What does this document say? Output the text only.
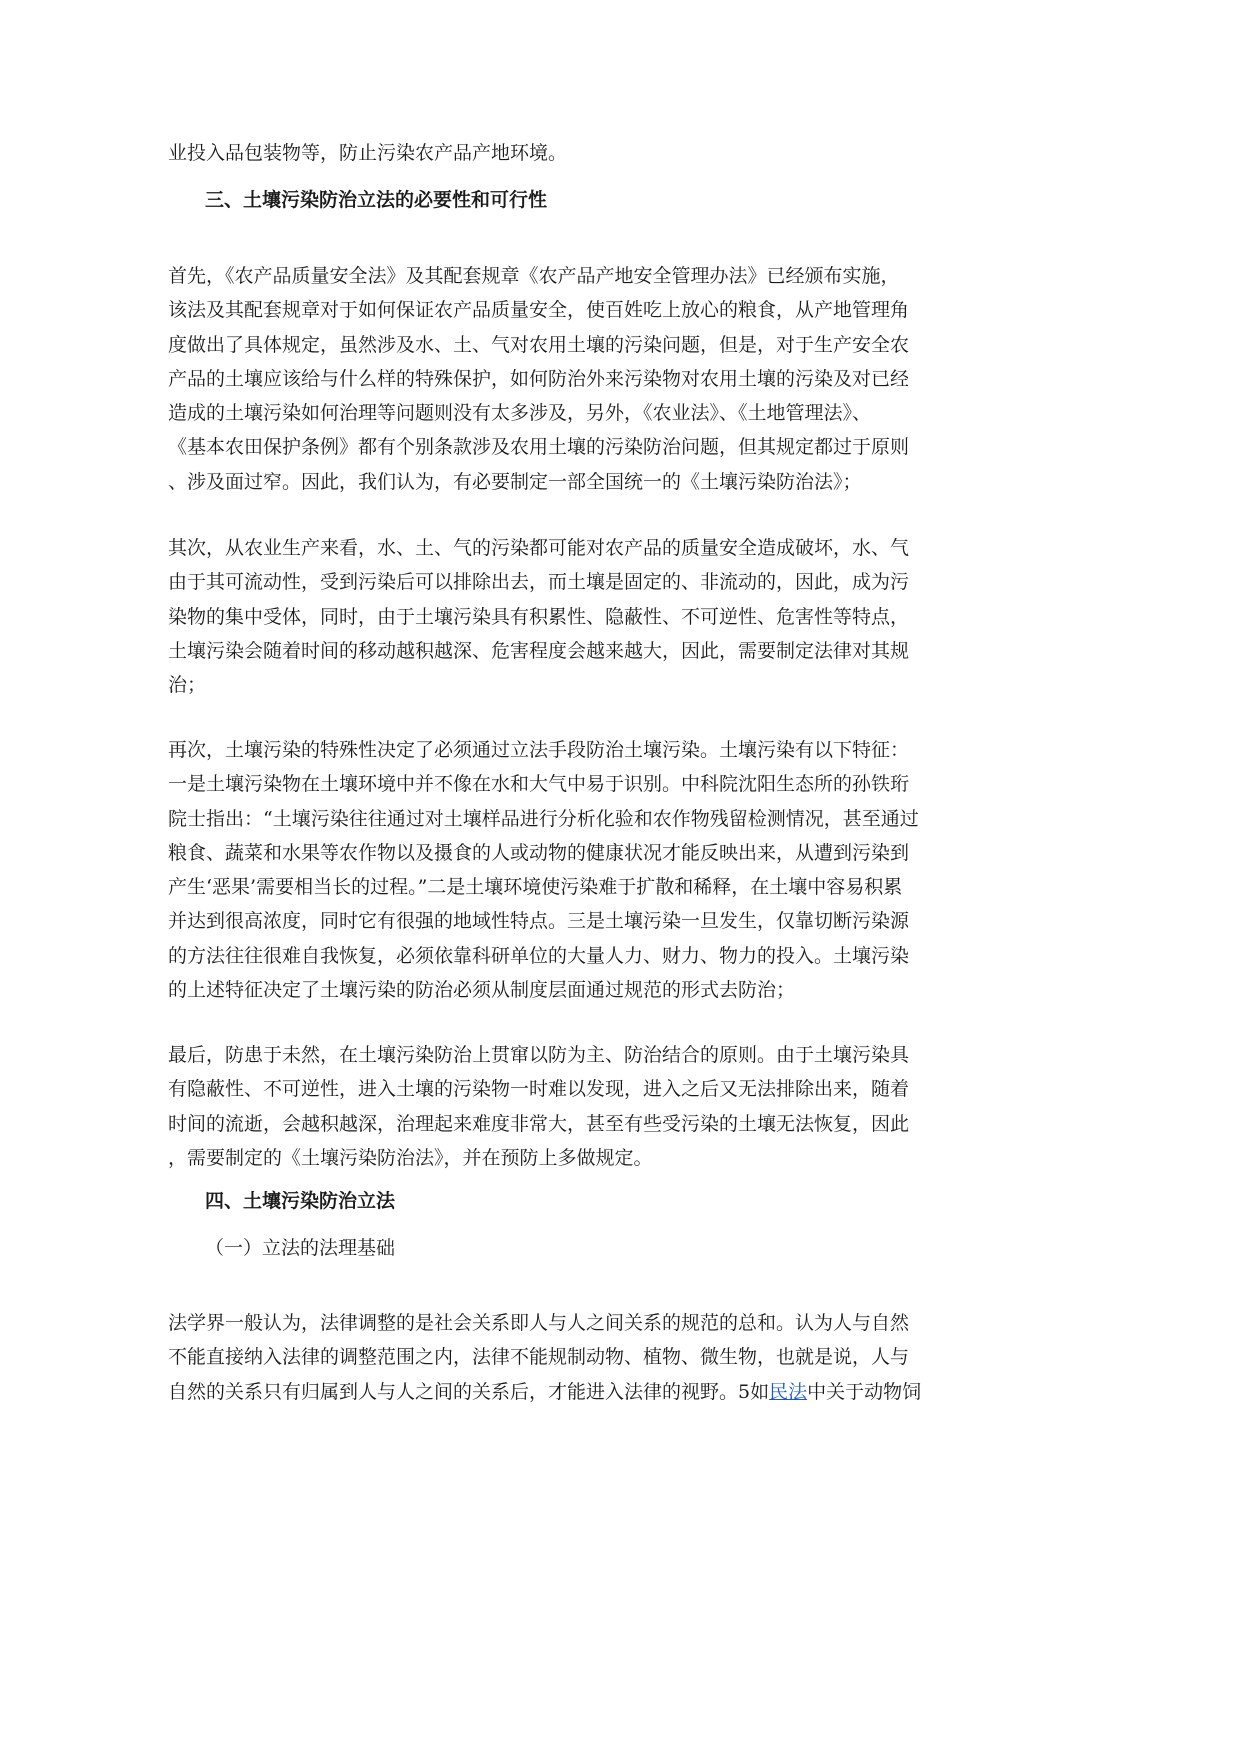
业投入品包装物等，防止污染农产品产地环境。
三、土壤污染防治立法的必要性和可行性
首先，《农产品质量安全法》及其配套规章《农产品产地安全管理办法》已经颁布实施，
该法及其配套规章对于如何保证农产品质量安全，使百姓吃上放心的粮食，从产地管理角
度做出了具体规定，虽然涉及水、土、气对农用土壤的污染问题，但是，对于生产安全农
产品的土壤应该给与什么样的特殊保护，如何防治外来污染物对农用土壤的污染及对已经
造成的土壤污染如何治理等问题则没有太多涉及，另外，《农业法》、《土地管理法》、
《基本农田保护条例》都有个别条款涉及农用土壤的污染防治问题，但其规定都过于原则
、涉及面过窄。因此，我们认为，有必要制定一部全国统一的《土壤污染防治法》；
其次，从农业生产来看，水、土、气的污染都可能对农产品的质量安全造成破坏，水、气
由于其可流动性，受到污染后可以排除出去，而土壤是固定的、非流动的，因此，成为污
染物的集中受体，同时，由于土壤污染具有积累性、隐蔽性、不可逆性、危害性等特点，
土壤污染会随着时间的移动越积越深、危害程度会越来越大，因此，需要制定法律对其规
治；
再次，土壤污染的特殊性决定了必须通过立法手段防治土壤污染。土壤污染有以下特征：
一是土壤污染物在土壤环境中并不像在水和大气中易于识别。中科院沈阳生态所的孙铁珩
院士指出：“土壤污染往往通过对土壤样品进行分析化验和农作物残留检测情况，甚至通过
粮食、蔬菜和水果等农作物以及摄食的人或动物的健康状况才能反映出来，从遭到污染到
产生‘恶果’需要相当长的过程。”二是土壤环境使污染难于扩散和稀释，在土壤中容易积累
并达到很高浓度，同时它有很强的地域性特点。三是土壤污染一旦发生，仅靠切断污染源
的方法往往很难自我恢复，必须依靠科研单位的大量人力、财力、物力的投入。土壤污染
的上述特征决定了土壤污染的防治必须从制度层面通过规范的形式去防治；
最后，防患于未然，在土壤污染防治上贯窜以防为主、防治结合的原则。由于土壤污染具
有隐蔽性、不可逆性，进入土壤的污染物一时难以发现，进入之后又无法排除出来，随着
时间的流逝，会越积越深，治理起来难度非常大，甚至有些受污染的土壤无法恢复，因此
，需要制定的《土壤污染防治法》，并在预防上多做规定。
四、土壤污染防治立法
（一）立法的法理基础
法学界一般认为，法律调整的是社会关系即人与人之间关系的规范的总和。认为人与自然
不能直接纳入法律的调整范围之内，法律不能规制动物、植物、微生物，也就是说，人与
自然的关系只有归属到人与人之间的关系后，才能进入法律的视野。5如民法中关于动物饲
